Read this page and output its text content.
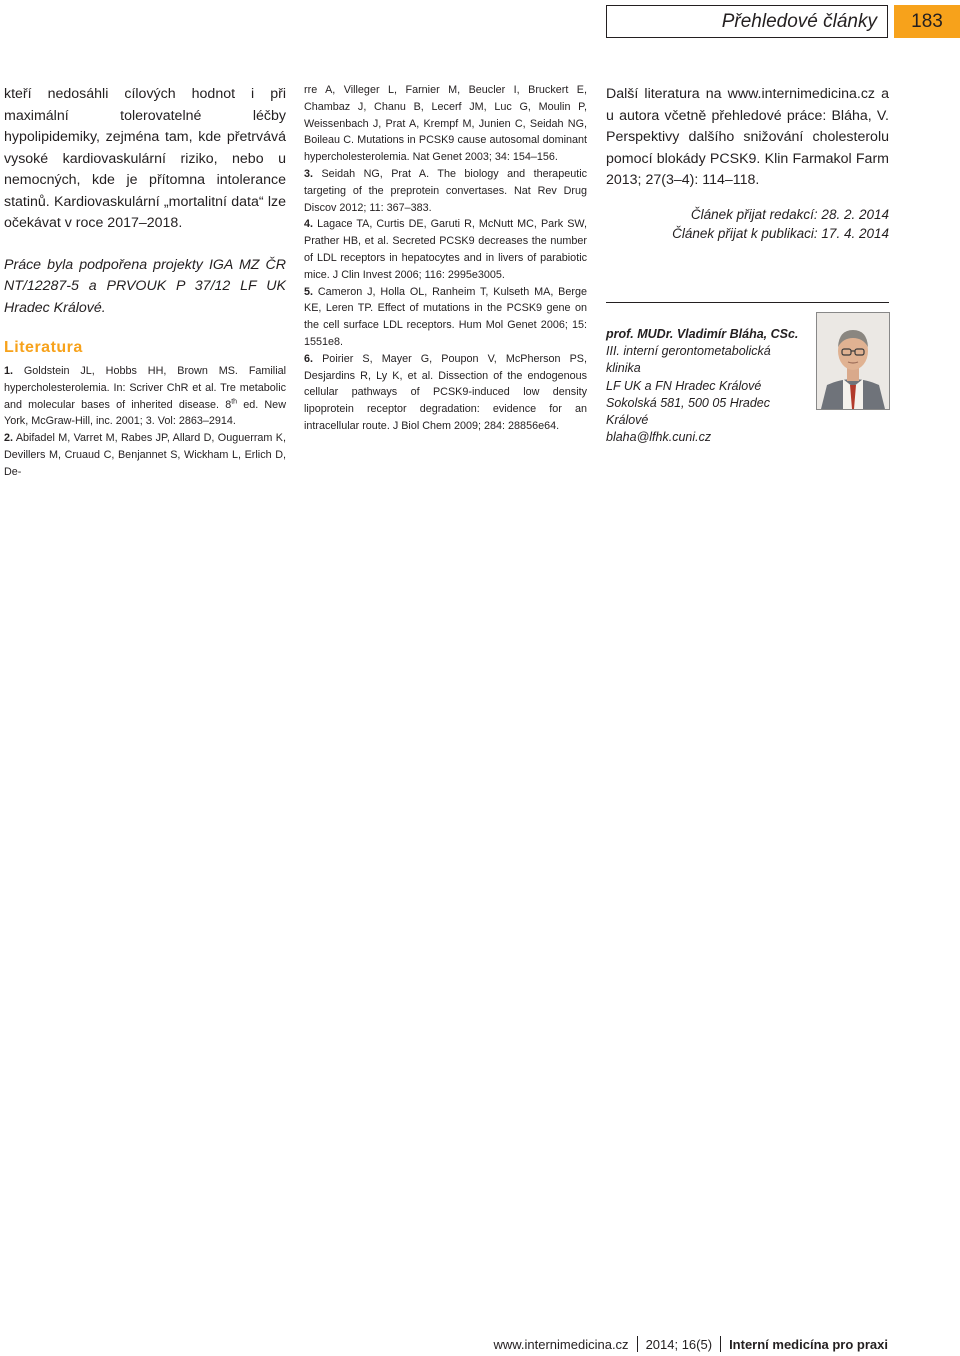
Přehledové články	183

kteří nedosáhli cílových hodnot i při maximální tolerovatelné léčby hypolipidemiky, zejména tam, kde přetrvává vysoké kardiovaskulární riziko, nebo u nemocných, kde je přítomna intolerance statinů. Kardiovaskulární „mortalitní data“ lze očekávat v roce 2017–2018.

Práce byla podpořena projekty IGA MZ ČR NT/12287-5 a PRVOUK P 37/12 LF UK Hradec Králové.

Literatura

1. Goldstein JL, Hobbs HH, Brown MS. Familial hypercholesterolemia. In: Scriver ChR et al. Tre metabolic and molecular bases of inherited disease. 8th ed. New York, McGraw-Hill, inc. 2001; 3. Vol: 2863–2914.

2. Abifadel M, Varret M, Rabes JP, Allard D, Ouguerram K, Devillers M, Cruaud C, Benjannet S, Wickham L, Erlich D, De-

rre A, Villeger L, Farnier M, Beucler I, Bruckert E, Chambaz J, Chanu B, Lecerf JM, Luc G, Moulin P, Weissenbach J, Prat A, Krempf M, Junien C, Seidah NG, Boileau C. Mutations in PCSK9 cause autosomal dominant hypercholesterolemia. Nat Genet 2003; 34: 154–156.

3. Seidah NG, Prat A. The biology and therapeutic targeting of the preprotein convertases. Nat Rev Drug Discov 2012; 11: 367–383.

4. Lagace TA, Curtis DE, Garuti R, McNutt MC, Park SW, Prather HB, et al. Secreted PCSK9 decreases the number of LDL receptors in hepatocytes and in livers of parabiotic mice. J Clin Invest 2006; 116: 2995e3005.

5. Cameron J, Holla OL, Ranheim T, Kulseth MA, Berge KE, Leren TP. Effect of mutations in the PCSK9 gene on the cell surface LDL receptors. Hum Mol Genet 2006; 15: 1551e8.

6. Poirier S, Mayer G, Poupon V, McPherson PS, Desjardins R, Ly K, et al. Dissection of the endogenous cellular pathways of PCSK9-induced low density lipoprotein receptor degradation: evidence for an intracellular route. J Biol Chem 2009; 284: 28856e64.

Další literatura na www.internimedicina.cz a u autora včetně přehledové práce: Bláha, V. Perspektivy dalšího snižování cholesterolu pomocí blokády PCSK9. Klin Farmakol Farm 2013; 27(3–4): 114–118.

Článek přijat redakcí: 28. 2. 2014
Článek přijat k publikaci: 17. 4. 2014
prof. MUDr. Vladimír Bláha, CSc.
III. interní gerontometabolická klinika
LF UK a FN Hradec Králové
Sokolská 581, 500 05 Hradec Králové
blaha@lfhk.cuni.cz
www.internimedicina.cz 2014; 16(5) Interní medicína pro praxi
